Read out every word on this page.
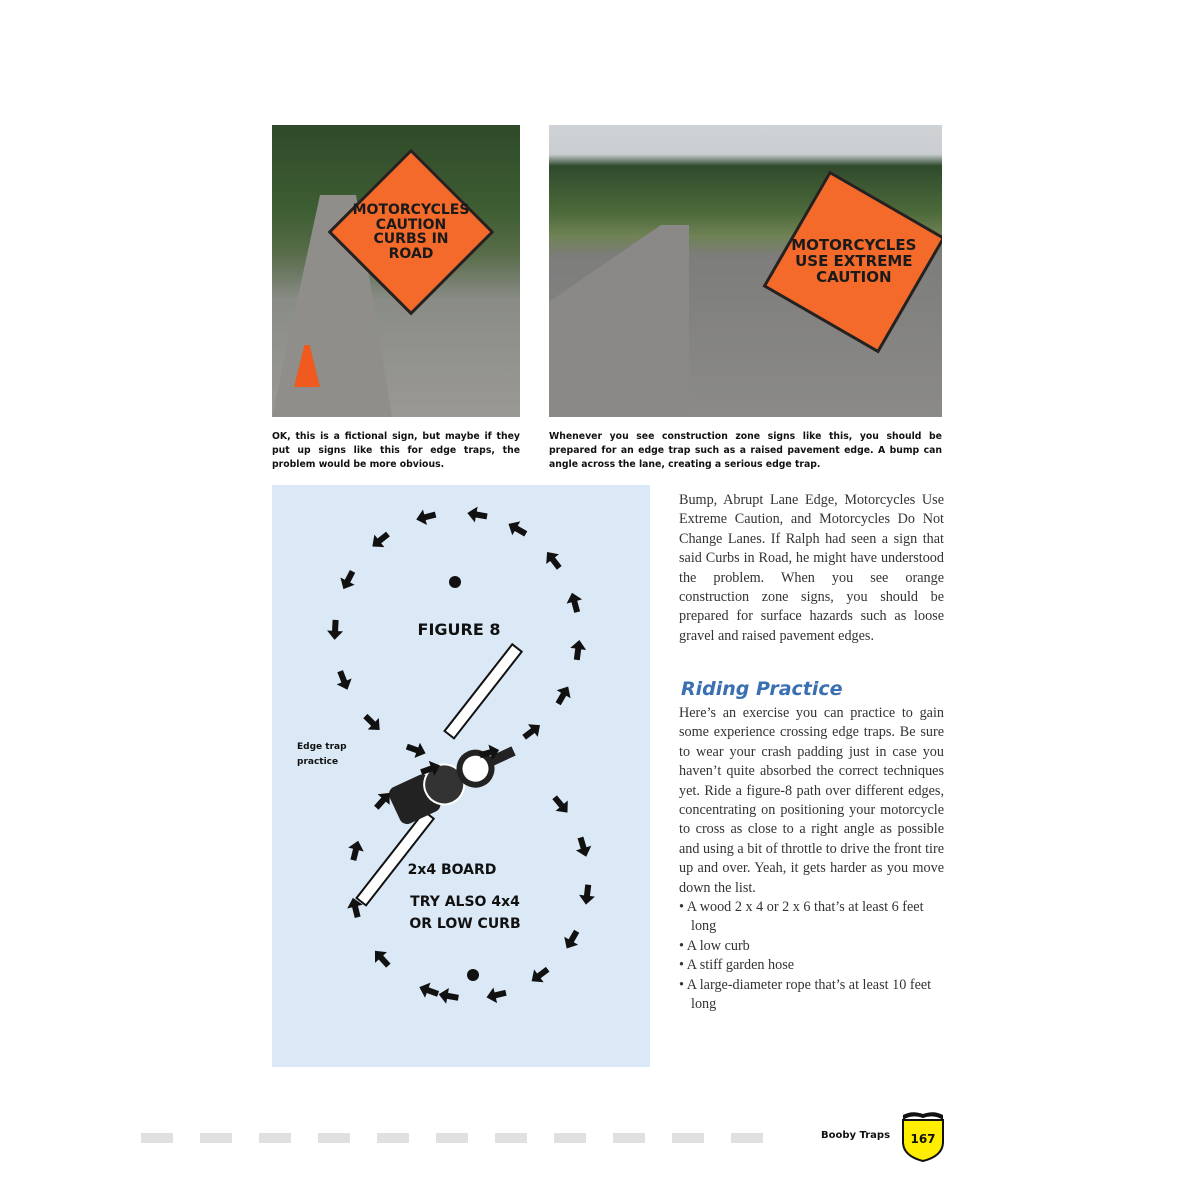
MOTORCYCLES
CAUTION
CURBS IN
ROAD	MOTORCYCLES
USE EXTREME
CAUTION
OK, this is a fictional sign, but maybe if they put up signs like this for edge traps, the problem would be more obvious.
Whenever you see construction zone signs like this, you should be prepared for an edge trap such as a raised pavement edge. A bump can angle across the lane, creating a serious edge trap.
FIGURE 8
Edge trap
practice
2x4 BOARD
TRY ALSO 4x4
OR LOW CURB
Bump, Abrupt Lane Edge, Motorcycles Use Extreme Caution, and Motorcycles Do Not Change Lanes. If Ralph had seen a sign that said Curbs in Road, he might have understood the problem. When you see orange construction zone signs, you should be prepared for surface hazards such as loose gravel and raised pavement edges.
Riding Practice

Here’s an exercise you can practice to gain some experience crossing edge traps. Be sure to wear your crash padding just in case you haven’t quite absorbed the correct techniques yet. Ride a figure-8 path over different edges, concentrating on positioning your motorcycle to cross as close to a right angle as possible and using a bit of throttle to drive the front tire up and over. Yeah, it gets harder as you move down the list.

• A wood 2 x 4 or 2 x 6 that’s at least 6 feet long
• A low curb
• A stiff garden hose
• A large-diameter rope that’s at least 10 feet long
Booby Traps 167
